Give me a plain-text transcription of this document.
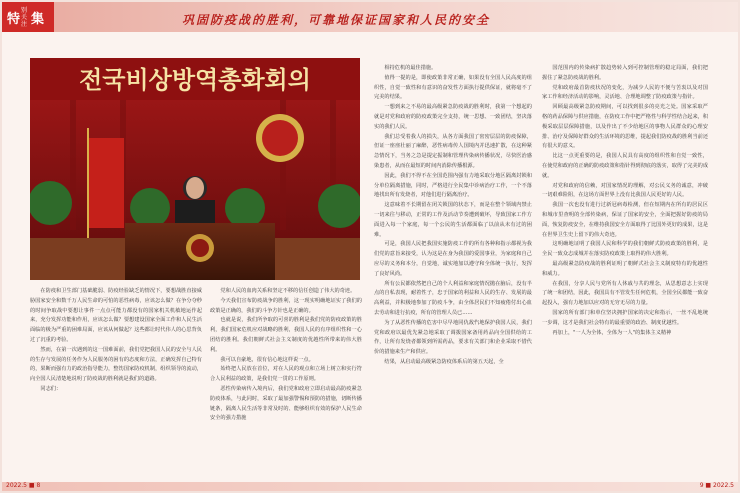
特
别关注 集	巩固防疫战的胜利，可靠地保证国家和人民的安全
전국비상방역총화회의

在防疫和卫生部门基础脆弱、防疫经验缺乏的情况下，要想战胜直接威胁国家安全和数千万人民生命的可怕的恶性病毒，应该怎么做？在争分夺秒的时间争取战中要想让事件一点点可能力都没有的国家机关机敏地运作起来，充分发挥功能和作用，应该怎么做？要想建设国家全面工作和人民生活面临的极为严重的困难局面，应该从何做起？这些都让时代伟人的心思背负过了沉重的考验。

然而，在第一次遇到的这一国难面前，我们党把我国人民的安全与人民的生存与发展的任务作为人民服务的困有的态度和方法，正确发挥自己特有的，果断而强有力的政治指导能力，整饬国家防疫机制，组织领导的流动，向全国人民清楚地说明了防疫战的胜利就是我们的道路。

同志们：

党和人民的血肉关系和坚定不移的信任创造了伟大的奇迹。

今天我们宣布防疫战争的胜利，这一现实明确地证实了我们的政策是正确的，我们的斗争方针也是正确的。

也就是说，我们所争取的可喜的胜利是我们党的防疫政策的胜利，我们国家危机应对战略的胜利，我国人民的有序组织性和一心团结的胜利。我们朝鲜式社会主义制度的优越性所带来的伟大胜利。

我可以自豪地，很有信心地这样说一点。

始终把人民放在首位，对在人民的观点和立场上树立和实行符合人民利益的政策，是我们党一贯的工作原则。

恶性传染病传入境内后，我们党和政府立即启动最高防疫紧急防疫体系，与此同时，采取了最加强警惕和预防的措施，切断传播链条，隔离人民生活等非常及时的、能够组织有效的保护人民生命安全的强力措施

相持危机的最佳措施。

值得一提的是，即使政策非常正确，如果没有全国人民高度的组织性，自觉一致性和有意识的奋发性方面执行提供保证，就将毫不了完美的结果。

一想到来之不易的最高级紧急防疫战的胜利时，我第一个想起的就是对党和政府的防疫政策完全支持，统一思想、一致团结，坚决落实的我们人民。

我们总受着我人的损失，从各方面我国了密密层层的防疫保障，但证一座座壮丽了麻醉，恶性病毒传人国境内并迅速扩散，在这种紧急情况下，当务之急是提定振制和管理传染病传播状况，尽快医治感染患者，从而在最短的时间内消除传播根源。

因此，我们不得不在全国范围内强有力地采取分地区隔离封锁和分单位隔离措施，同时，严格进行全民集中诊病治疗工作，一个不落地找出所有发烧者，对他们进行隔离治疗。

这意味着不长期留在闭关锁国的状态下，而是在整个领域内禁止一切来往与移动，正常的工作及活动节奏遭到破坏，导致国家工作方面进入每一个家庭，每一个公民的生活都面临了以前从未有过的困难。

可是，我国人民把我国实施防疫工作的所有各种和指示都视为我们党的意旨来接受，认为这是在身为我国的爱国事业，为家庭和自己应尽的义务和本分，自觉地，诚实地加以遵守和全体统一执行，发挥了良好风尚。

所有公民都依然把自己的个人利益和家庭情况抛在脑后，没有半点的自私表现，耐着性子，忠于国家的利益和人民的生存、发展的最高利益，并积极地参加了防疫斗争，由全体居民们不知疲倦付出心血去劳动和进行抗疫，所有的管理人员已……

为了从恶性传播的危害中尽早地同仇敌忾地保护我国人民，我们党和政府以最优先紧急地采取了调拨国家备用药品向全国供给的工作，让所有发烧者都领到所需药品，要求有关部门和企业采取不惜代价的措施来生产和供应。

结果，从启动最高级紧急防疫体系后的第五天起，全

国范围内的传染病扩散趋势转入到可控制管理的稳定局面，我们把握住了紧急防疫战的胜利。

党和政府最首防疫状况的变化，为减少人民的不便与苦衷以及对国家工作和经济活动的影响，灵活地、合理地调整了防疫政策与指针。

回顾最高级紧急防疫期间，可以找到很多的亮光之处。国家采取严格的药品保障与供应措施，在防疫工作中把严格性与科学性结合起来，积极采取层层保障措施，以及作出了不少给地区的事物人民群众的心理安排、治疗及保障好群众的生活环境的思维，提起我们防疫战的胜利当前还有很大的意义。

比这一点更重要的是，我国人民具有高度的组织性和自觉一致性，在使党和政府的正确的防疫政策和指针得到彻底的落实，取得了完美的成就。

对党和政府的信赖，对国家情况的理解，对公民义务的诚意，冲破一切艰难险阻，在这场方面世界上没有比我国人民更好的人民。

我国一次也没有进行过新冠病毒检测，但在短期内在所有的居民区和城市里查明的全部传染病，保证了国家的安全，全面把握好防疫的局面，恢复防疫安全，在维持我国安全方面取得了比国外更好的成果，这是在世界卫生史上留下的伟大奇迹。

这明确地证明了我国人民和科学的我们朝鲜式防疫政策的胜利，是全民一致众志成城并在落实防疫政策上取得的伟大胜利。

最高级紧急防疫战的胜利证明了朝鲜式社会主义制度特有的优越性和威力。

在我国，分享人民与党所有人休戚与共的理念，从思想意志上实现了统一和团结，因此，我国具有不管发生任何危机，全国全民都能一致奋起投入，强有力地加以应对的无穷无尽的力量。

国家的所有部门和单位坚决拥护国家的决定和指示，一丝不乱地统一步调，这才是我们社会特有的最重要的政治、制度优越性。

再加上，"一人为全体，全体为一人"的集体主义精神

2022.5 ■ 8	9 ■ 2022.5
